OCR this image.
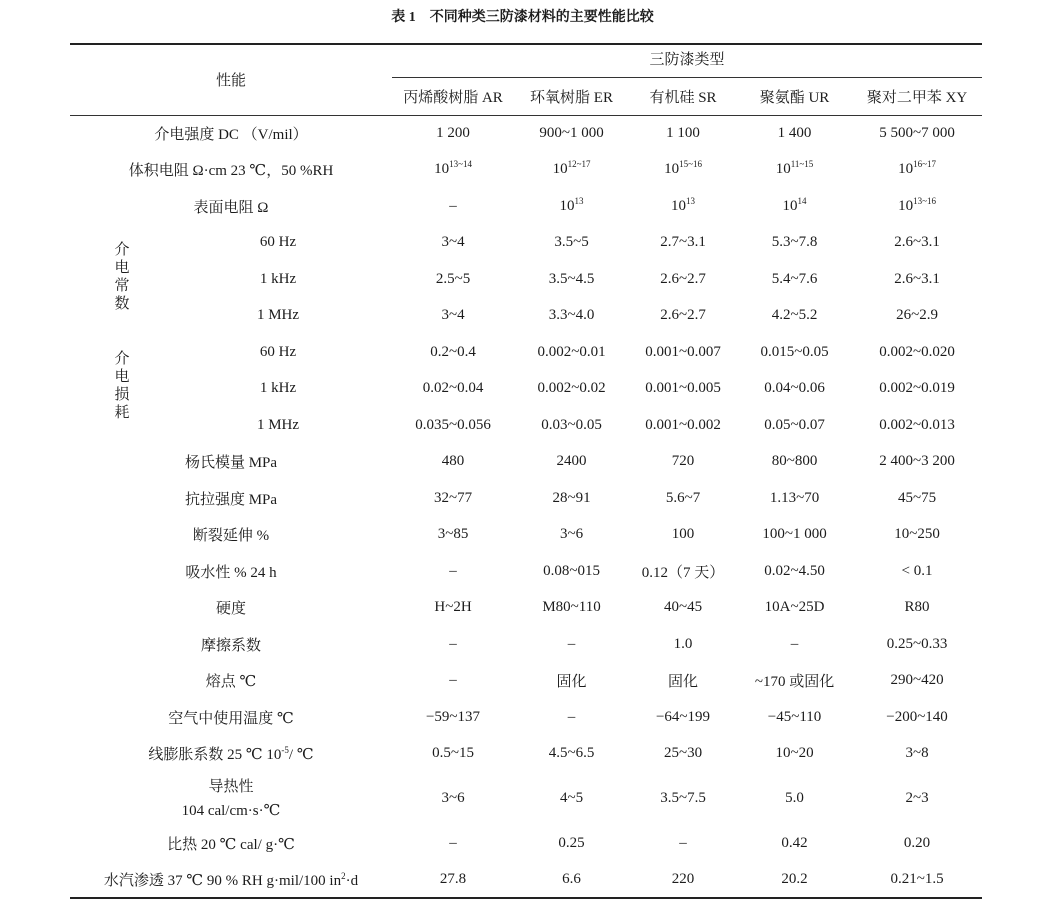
表 1 不同种类三防漆材料的主要性能比较
性能		三防漆类型				
		丙烯酸树脂 AR	环氧树脂 ER	有机硅 SR	聚氨酯 UR	聚对二甲苯 XY
介电强度 DC （V/mil）		1 200	900~1 000	1 100	1 400	5 500~7 000
体积电阻 Ω·cm 23 ℃，50 %RH		$10^{13\sim 14}$	$10^{12\sim 17}$	$10^{15\sim 16}$	$10^{11\sim 15}$	$10^{16\sim 17}$
表面电阻 Ω		–	$10^{13}$	$10^{13}$	$10^{14}$	$10^{13\sim 16}$
介电常数	60 Hz	3~4	3.5~5	2.7~3.1	5.3~7.8	2.6~3.1
	1 kHz	2.5~5	3.5~4.5	2.6~2.7	5.4~7.6	2.6~3.1
	1 MHz	3~4	3.3~4.0	2.6~2.7	4.2~5.2	26~2.9
介电损耗	60 Hz	0.2~0.4	0.002~0.01	0.001~0.007	0.015~0.05	0.002~0.020
	1 kHz	0.02~0.04	0.002~0.02	0.001~0.005	0.04~0.06	0.002~0.019
	1 MHz	0.035~0.056	0.03~0.05	0.001~0.002	0.05~0.07	0.002~0.013
杨氏模量 MPa		480	2400	720	80~800	2 400~3 200
抗拉强度 MPa		32~77	28~91	5.6~7	1.13~70	45~75
断裂延伸 %		3~85	3~6	100	100~1 000	10~250
吸水性 % 24 h		–	0.08~015	0.12（7 天）	0.02~4.50	< 0.1
硬度		H~2H	M80~110	40~45	10A~25D	R80
摩擦系数		–	–	1.0	–	0.25~0.33
熔点 ℃		–	固化	固化	~170 或固化	290~420
空气中使用温度 ℃		−59~137	–	−64~199	−45~110	−200~140
线膨胀系数 25 ℃ $10^{-5}/$ ℃		0.5~15	4.5~6.5	25~30	10~20	3~8

导热性
104 cal/cm·s·℃		3~6	4~5	3.5~7.5	5.0	2~3
比热 20 ℃ cal/ g·℃		–	0.25	–	0.42	0.20
水汽渗透 37 ℃ 90 % RH g·mil/100 $in^2\cdot d$		27.8	6.6	220	20.2	0.21~1.5
